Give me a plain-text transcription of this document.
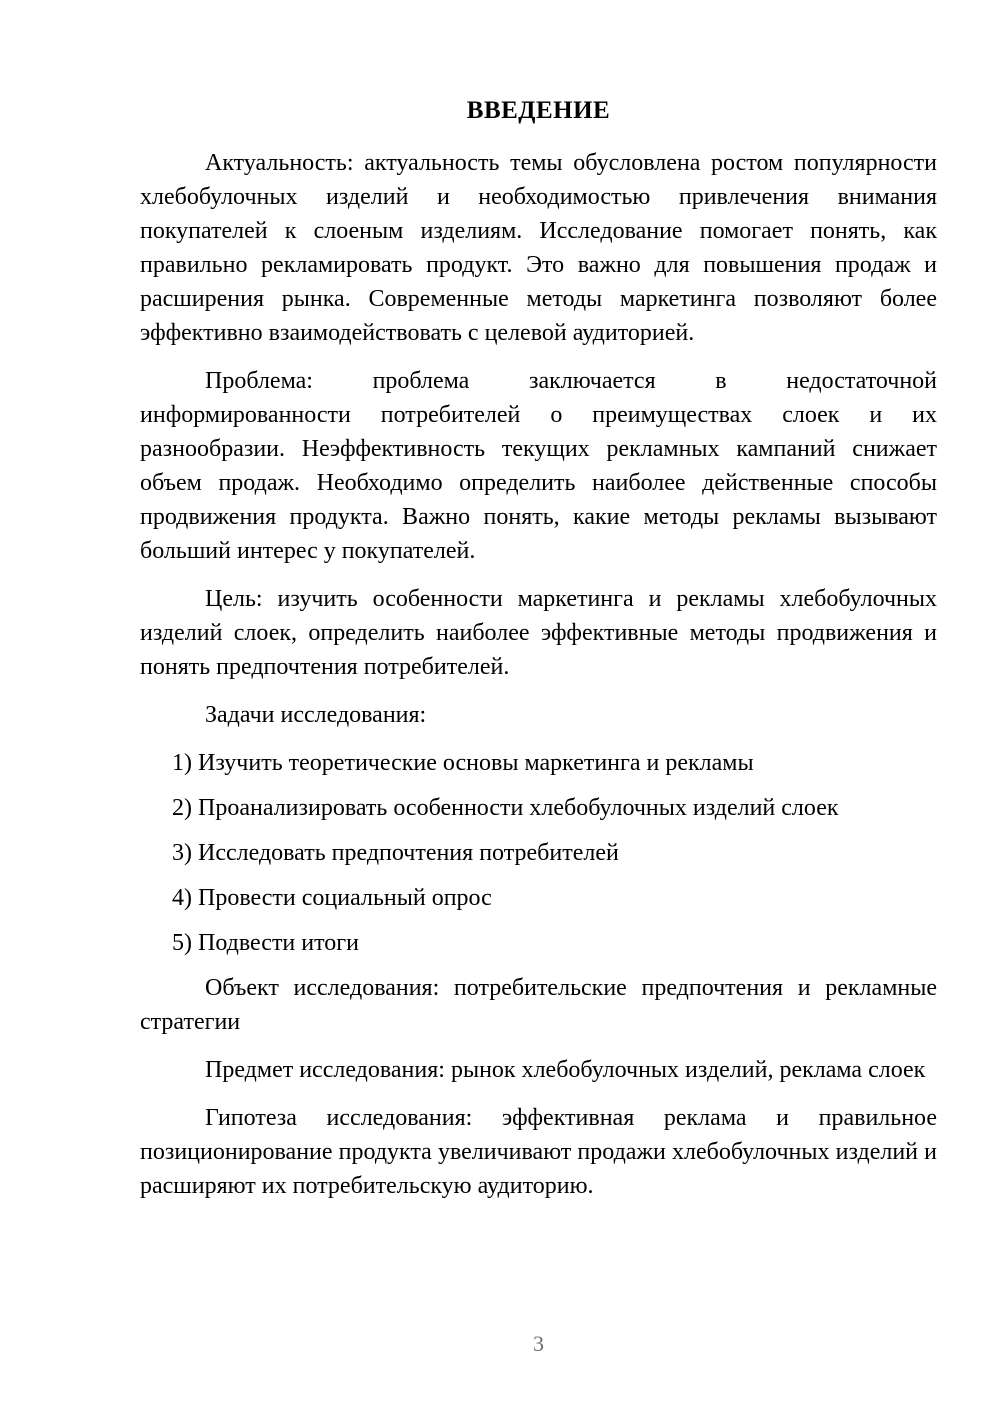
ВВЕДЕНИЕ

Актуальность: актуальность темы обусловлена ростом популярности хлебобулочных изделий и необходимостью привлечения внимания покупателей к слоеным изделиям. Исследование помогает понять, как правильно рекламировать продукт. Это важно для повышения продаж и расширения рынка. Современные методы маркетинга позволяют более эффективно взаимодействовать с целевой аудиторией.

Проблема: проблема заключается в недостаточной информированности потребителей о преимуществах слоек и их разнообразии. Неэффективность текущих рекламных кампаний снижает объем продаж. Необходимо определить наиболее действенные способы продвижения продукта. Важно понять, какие методы рекламы вызывают больший интерес у покупателей.

Цель: изучить особенности маркетинга и рекламы хлебобулочных изделий слоек, определить наиболее эффективные методы продвижения и понять предпочтения потребителей.

Задачи исследования:

1) Изучить теоретические основы маркетинга и рекламы
2) Проанализировать особенности хлебобулочных изделий слоек
3) Исследовать предпочтения потребителей
4) Провести социальный опрос
5) Подвести итоги

Объект исследования: потребительские предпочтения и рекламные стратегии

Предмет исследования: рынок хлебобулочных изделий, реклама слоек

Гипотеза исследования: эффективная реклама и правильное позиционирование продукта увеличивают продажи хлебобулочных изделий и расширяют их потребительскую аудиторию.

3
